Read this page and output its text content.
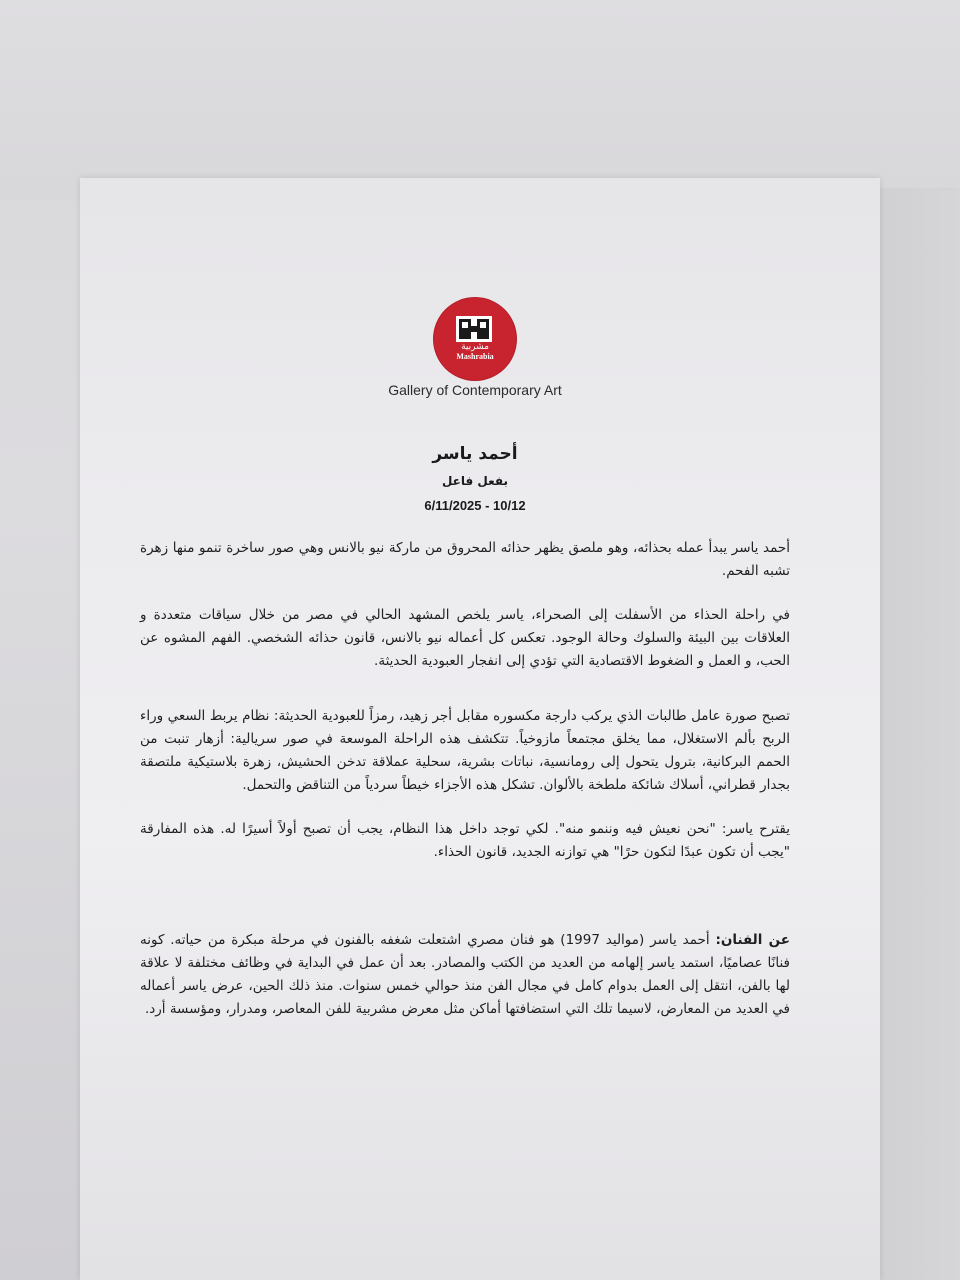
مشربية
Mashrabia
Gallery of Contemporary Art
أحمد ياسر
بفعل فاعل
6/11/2025 - 10/12
أحمد ياسر يبدأ عمله بحذائه، وهو ملصق يظهر حذائه المحروق من ماركة نيو بالانس وهي صور ساخرة تنمو منها زهرة تشبه الفحم.
في راحلة الحذاء من الأسفلت إلى الصحراء، ياسر يلخص المشهد الحالي في مصر من خلال سياقات متعددة و العلاقات بين البيئة والسلوك وحالة الوجود. تعكس كل أعماله نيو بالانس، قانون حذائه الشخصي. الفهم المشوه عن الحب، و العمل و الضغوط الاقتصادية التي تؤدي إلى انفجار العبودية الحديثة.
تصبح صورة عامل طالبات الذي يركب دارجة مكسوره مقابل أجر زهيد، رمزاً للعبودية الحديثة: نظام يربط السعي وراء الربح بألم الاستغلال، مما يخلق مجتمعاً مازوخياً. تتكشف هذه الراحلة الموسعة في صور سريالية: أزهار تنبت من الحمم البركانية، بترول يتحول إلى رومانسية، نباتات بشرية، سحلية عملاقة تدخن الحشيش، زهرة بلاستيكية ملتصقة بجدار قطراني، أسلاك شائكة ملطخة بالألوان. تشكل هذه الأجزاء خيطاً سردياً من التناقض والتحمل.
يقترح ياسر: "نحن نعيش فيه وننمو منه". لكي توجد داخل هذا النظام، يجب أن تصبح أولاً أسيرًا له. هذه المفارقة "يجب أن تكون عبدًا لتكون حرًا" هي توازنه الجديد، قانون الحذاء.
عن الفنان: أحمد ياسر (مواليد 1997) هو فنان مصري اشتعلت شغفه بالفنون في مرحلة مبكرة من حياته. كونه فنانًا عصاميًا، استمد ياسر إلهامه من العديد من الكتب والمصادر. بعد أن عمل في البداية في وظائف مختلفة لا علاقة لها بالفن، انتقل إلى العمل بدوام كامل في مجال الفن منذ حوالي خمس سنوات. منذ ذلك الحين، عرض ياسر أعماله في العديد من المعارض، لاسيما تلك التي استضافتها أماكن مثل معرض مشربية للفن المعاصر، ومدرار، ومؤسسة أرد.
